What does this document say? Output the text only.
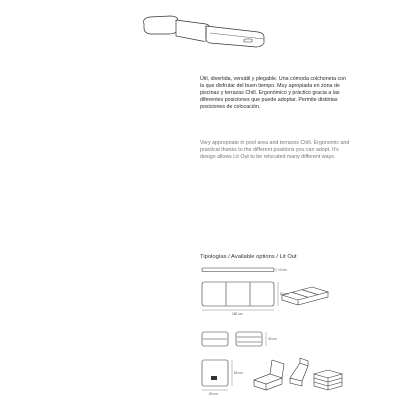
Útil, divertida, versátil y plegable. Una cómoda colchoneta con la que disfrutar del buen tiempo. Muy apropiada en zona de piscinas y terrazas Chill. Ergonómico y práctico gracia a las diferentes posiciones que puede adoptar. Permite distintas posiciones de colocación.

Very appropriate in pool area and terraces Chill. Ergonomic and practical thanks to the different positions you can adopt. It's design allows Lit Out to be relocated many different ways.

Tipologías / Available options / Lit Out

10 cm
60 cm
180 cm
40 cm
65 cm
60 cm
